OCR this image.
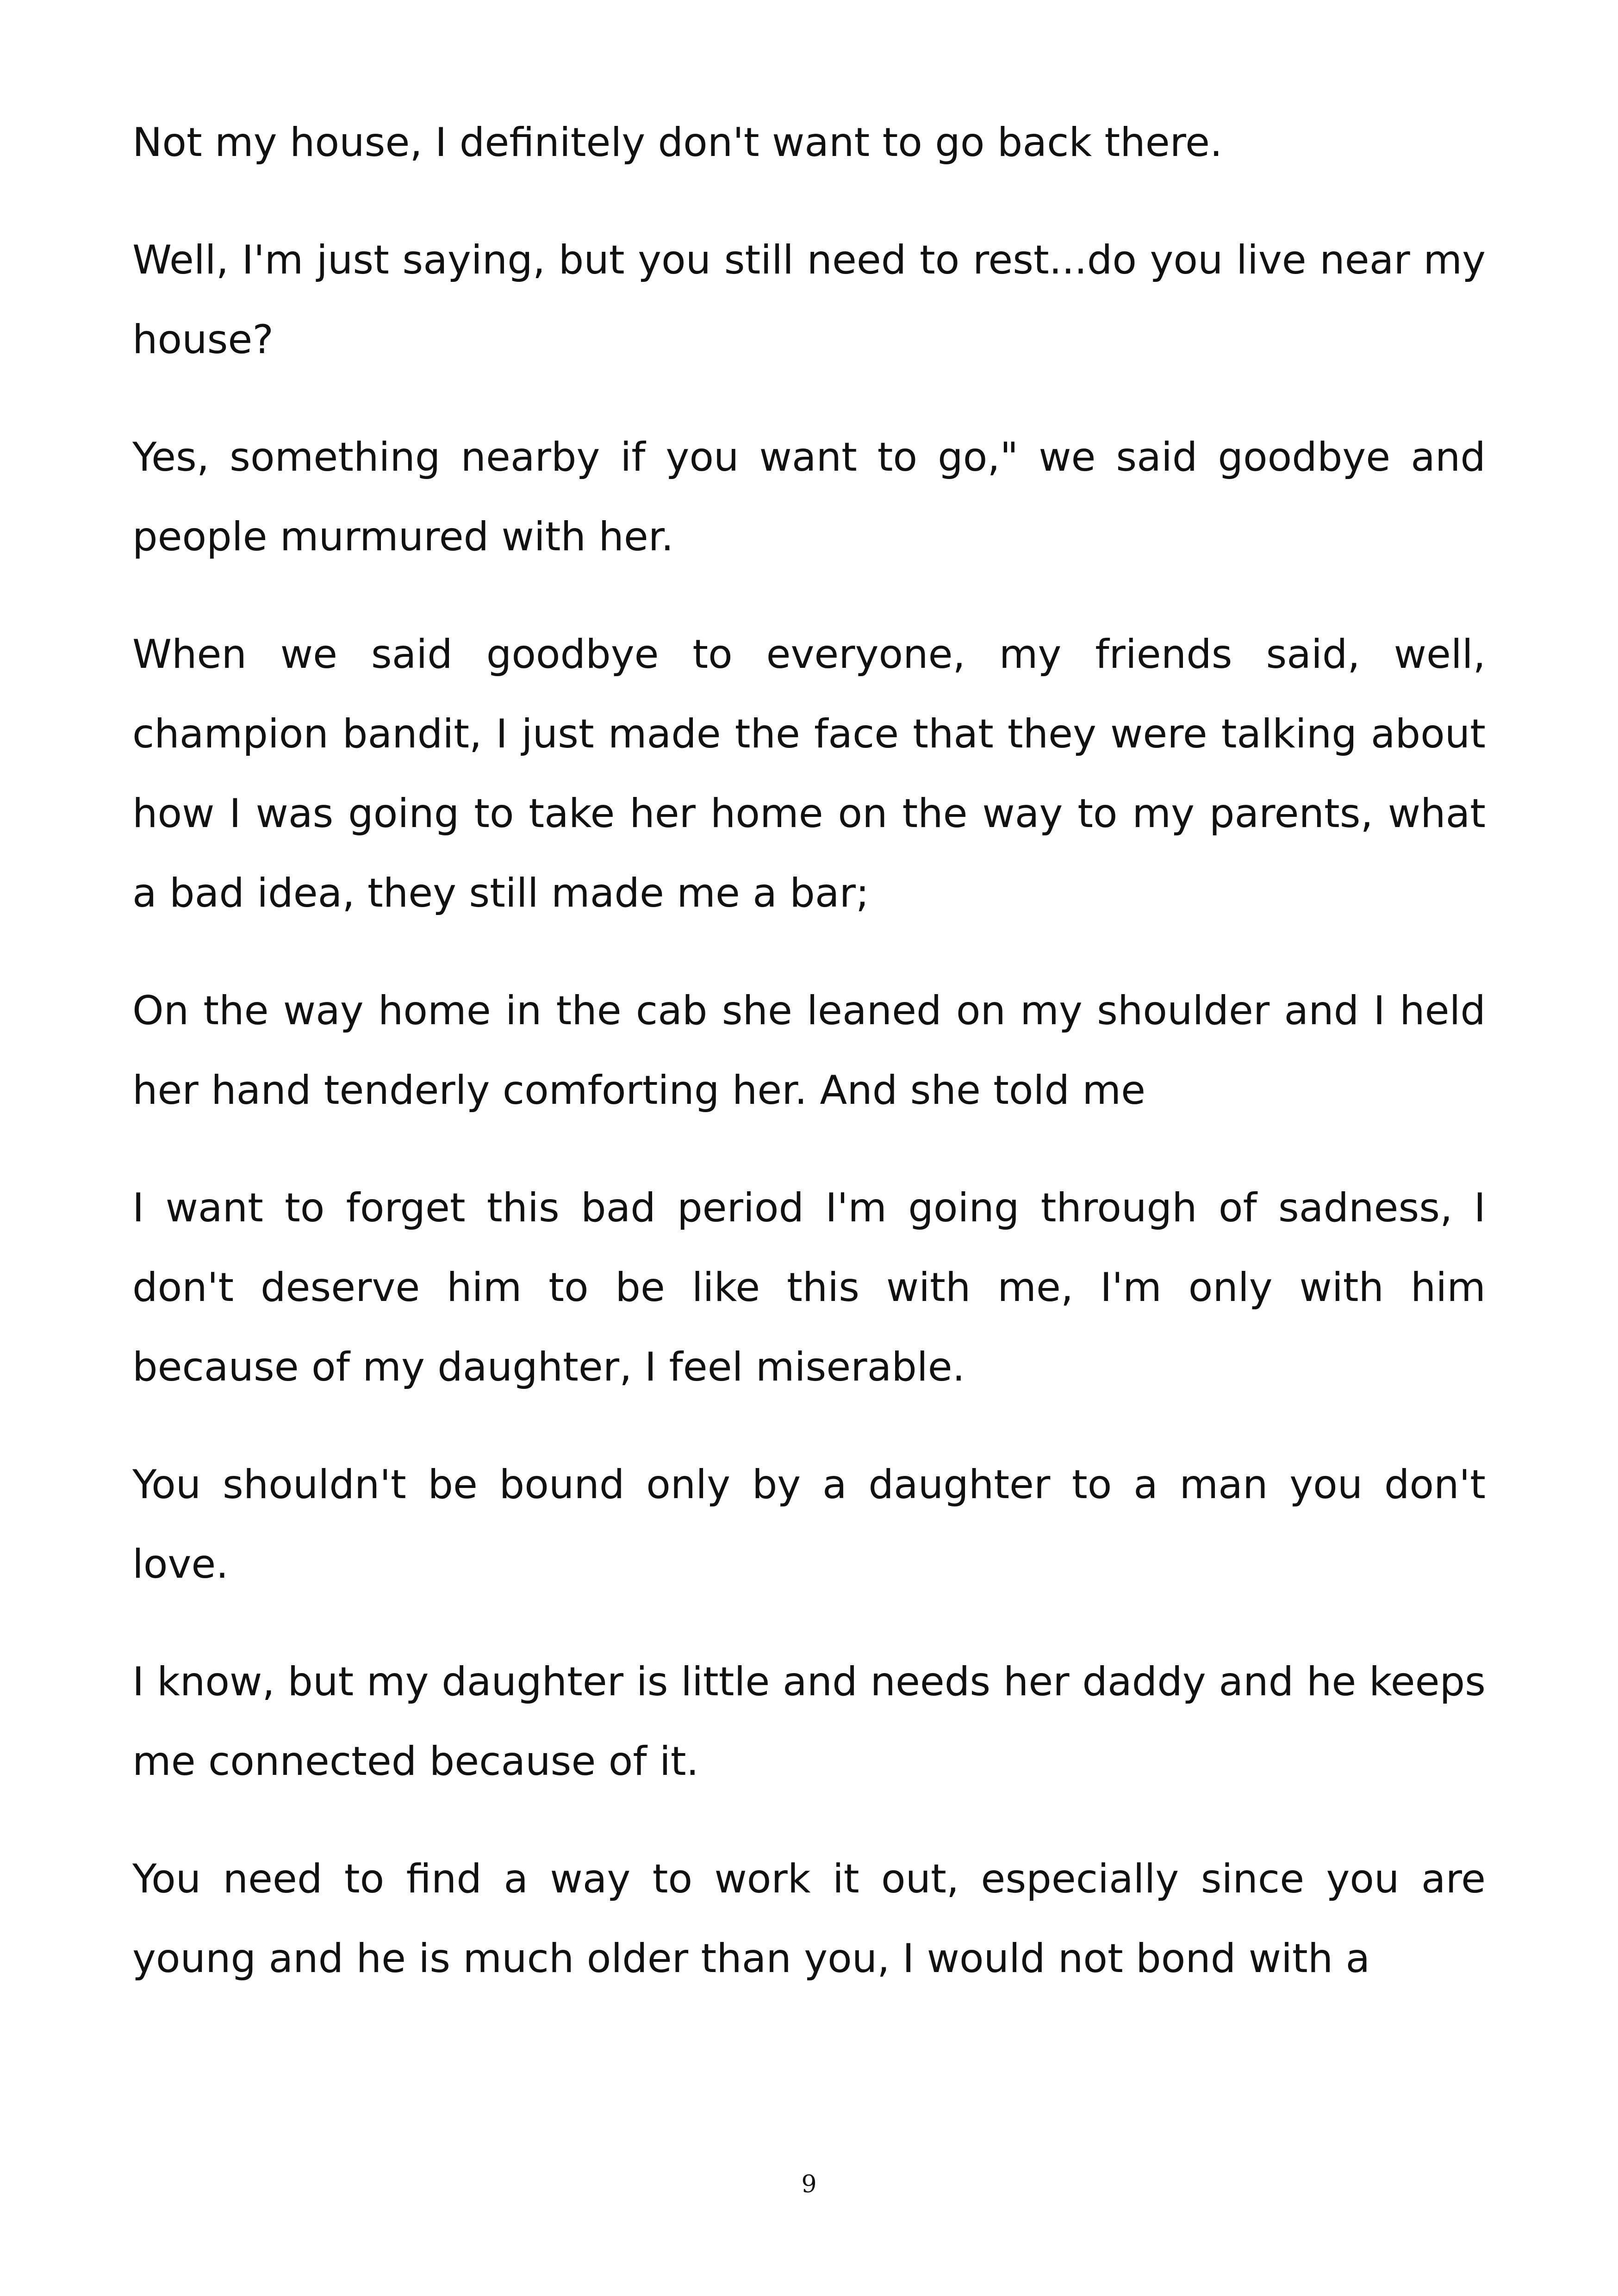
Not my house, I definitely don't want to go back there.

Well, I'm just saying, but you still need to rest...do you live near my house?

Yes, something nearby if you want to go," we said goodbye and people murmured with her.

When we said goodbye to everyone, my friends said, well, champion bandit, I just made the face that they were talking about how I was going to take her home on the way to my parents, what a bad idea, they still made me a bar;

On the way home in the cab she leaned on my shoulder and I held her hand tenderly comforting her. And she told me

I want to forget this bad period I'm going through of sadness, I don't deserve him to be like this with me, I'm only with him because of my daughter, I feel miserable.

You shouldn't be bound only by a daughter to a man you don't love.

I know, but my daughter is little and needs her daddy and he keeps me connected because of it.

You need to find a way to work it out, especially since you are young and he is much older than you, I would not bond with a

9
